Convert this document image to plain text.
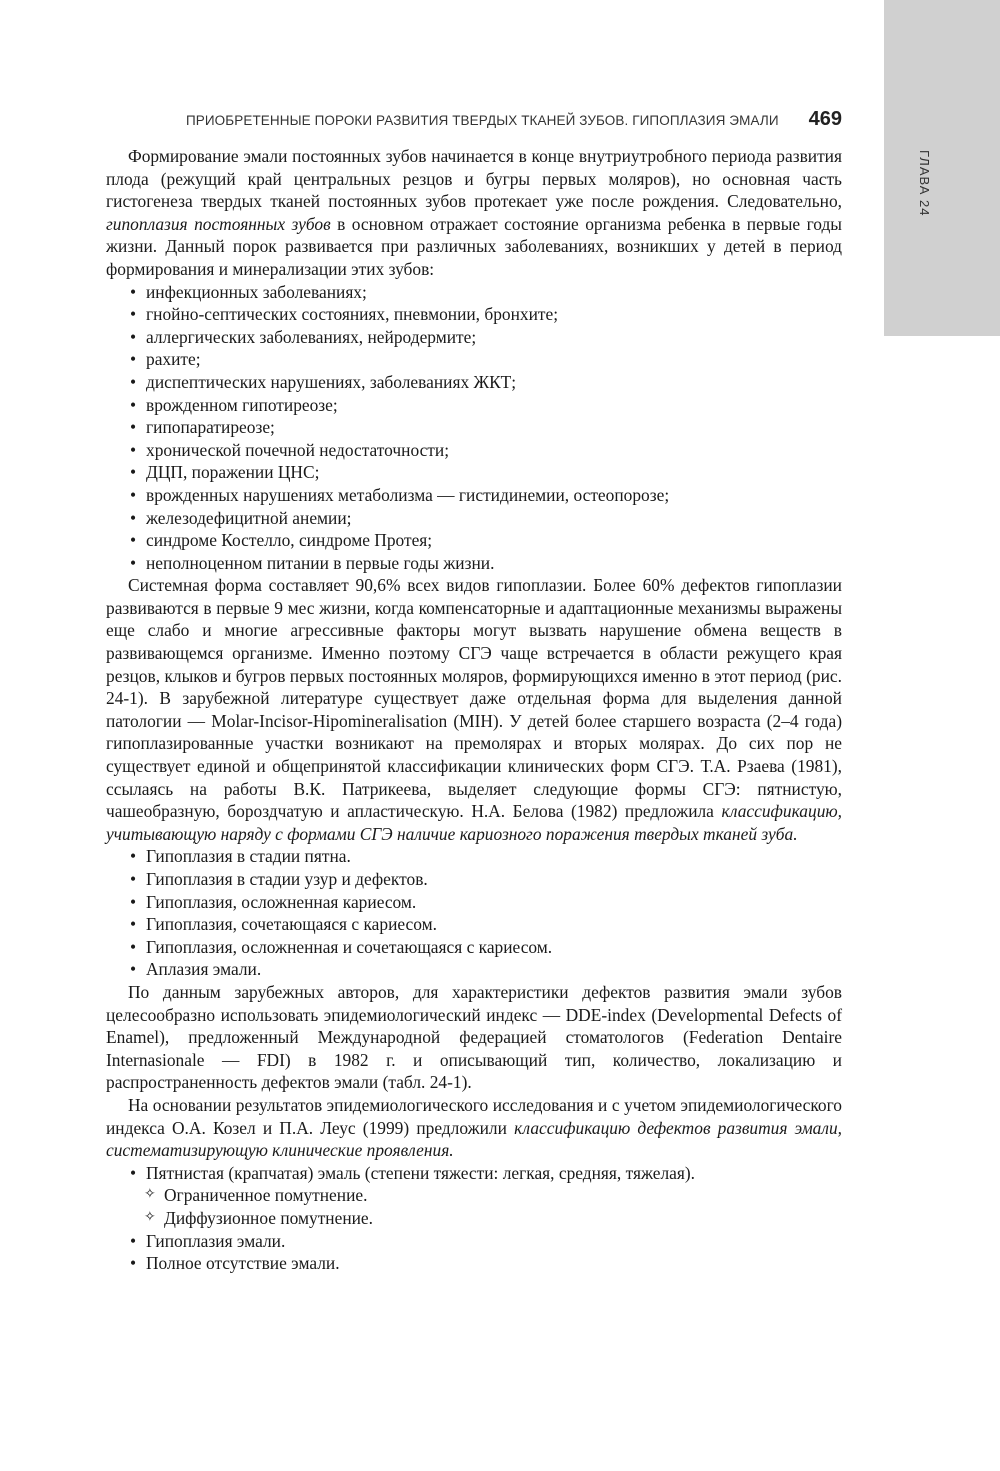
ГЛАВА 24
ПРИОБРЕТЕННЫЕ ПОРОКИ РАЗВИТИЯ ТВЕРДЫХ ТКАНЕЙ ЗУБОВ. ГИПОПЛАЗИЯ ЭМАЛИ 469

Формирование эмали постоянных зубов начинается в конце внутриутробного периода развития плода (режущий край центральных резцов и бугры первых моляров), но основная часть гистогенеза твердых тканей постоянных зубов протекает уже после рождения. Следовательно, гипоплазия постоянных зубов в основном отражает состояние организма ребенка в первые годы жизни. Данный порок развивается при различных заболеваниях, возникших у детей в период формирования и минерализации этих зубов:

• инфекционных заболеваниях;
• гнойно-септических состояниях, пневмонии, бронхите;
• аллергических заболеваниях, нейродермите;
• рахите;
• диспептических нарушениях, заболеваниях ЖКТ;
• врожденном гипотиреозе;
• гипопаратиреозе;
• хронической почечной недостаточности;
• ДЦП, поражении ЦНС;
• врожденных нарушениях метаболизма — гистидинемии, остеопорозе;
• железодефицитной анемии;
• синдроме Костелло, синдроме Протея;
• неполноценном питании в первые годы жизни.

Системная форма составляет 90,6% всех видов гипоплазии. Более 60% дефектов гипоплазии развиваются в первые 9 мес жизни, когда компенсаторные и адаптационные механизмы выражены еще слабо и многие агрессивные факторы могут вызвать нарушение обмена веществ в развивающемся организме. Именно поэтому СГЭ чаще встречается в области режущего края резцов, клыков и бугров первых постоянных моляров, формирующихся именно в этот период (рис. 24-1). В зарубежной литературе существует даже отдельная форма для выделения данной патологии — Molar-Incisor-Hipomineralisation (MIH). У детей более старшего возраста (2–4 года) гипоплазированные участки возникают на премолярах и вторых молярах. До сих пор не существует единой и общепринятой классификации клинических форм СГЭ. Т.А. Рзаева (1981), ссылаясь на работы В.К. Патрикеева, выделяет следующие формы СГЭ: пятнистую, чашеобразную, бороздчатую и апластическую. Н.А. Белова (1982) предложила классификацию, учитывающую наряду с формами СГЭ наличие кариозного поражения твердых тканей зуба.

• Гипоплазия в стадии пятна.
• Гипоплазия в стадии узур и дефектов.
• Гипоплазия, осложненная кариесом.
• Гипоплазия, сочетающаяся с кариесом.
• Гипоплазия, осложненная и сочетающаяся с кариесом.
• Аплазия эмали.

По данным зарубежных авторов, для характеристики дефектов развития эмали зубов целесообразно использовать эпидемиологический индекс — DDE-index (Developmental Defects of Enamel), предложенный Международной федерацией стоматологов (Federation Dentaire Internasionale — FDI) в 1982 г. и описывающий тип, количество, локализацию и распространенность дефектов эмали (табл. 24-1).

На основании результатов эпидемиологического исследования и с учетом эпидемиологического индекса О.А. Козел и П.А. Леус (1999) предложили классификацию дефектов развития эмали, систематизирующую клинические проявления.

• Пятнистая (крапчатая) эмаль (степени тяжести: легкая, средняя, тяжелая).
✧ Ограниченное помутнение.
✧ Диффузионное помутнение.
• Гипоплазия эмали.
• Полное отсутствие эмали.
